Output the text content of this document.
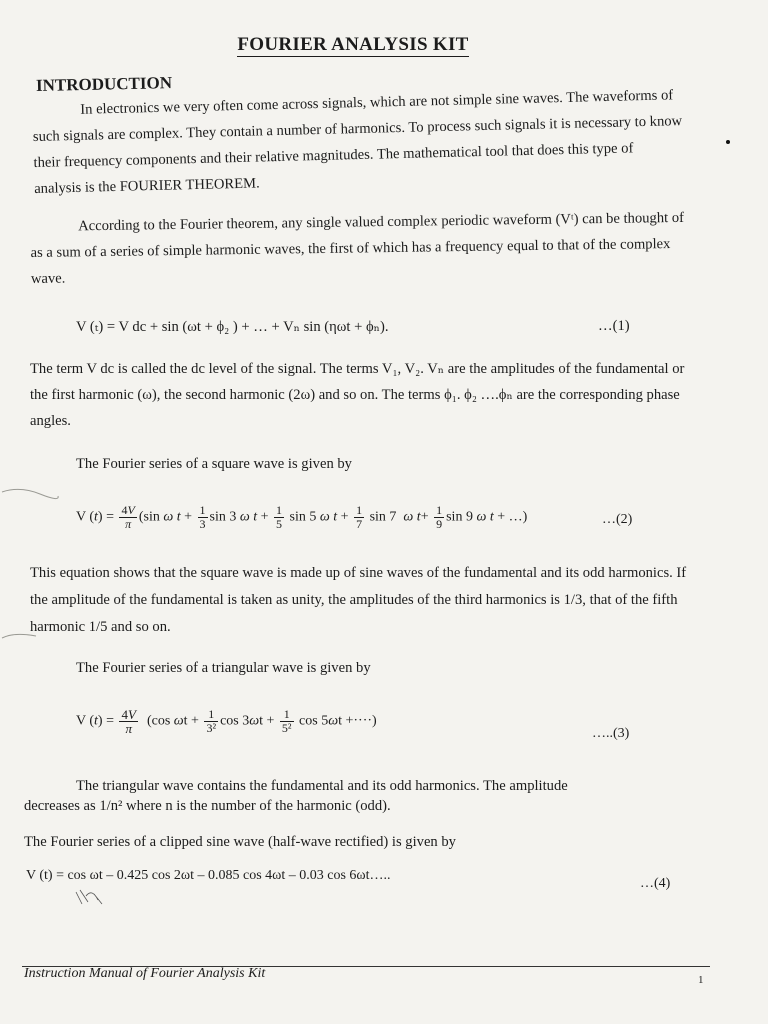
FOURIER ANALYSIS KIT
INTRODUCTION

In electronics we very often come across signals, which are not simple sine waves. The waveforms of such signals are complex. They contain a number of harmonics. To process such signals it is necessary to know their frequency components and their relative magnitudes. The mathematical tool that does this type of analysis is the FOURIER THEOREM.

According to the Fourier theorem, any single valued complex periodic waveform (Vᵗ) can be thought of as a sum of a series of simple harmonic waves, the first of which has a frequency equal to that of the complex wave.

V (ₜ) = V dc + sin (ωt + ϕ₂ ) + … + Vₙ sin (ηωt + ϕₙ).	…(1)

The term V dc is called the dc level of the signal. The terms V₁, V₂. Vₙ are the amplitudes of the fundamental or the first harmonic (ω), the second harmonic (2ω) and so on. The terms ϕ₁. ϕ₂ ….ϕₙ are the corresponding phase angles.

The Fourier series of a square wave is given by
V $(t) = \frac{4V}{\pi} (\sin$ ω $t + \frac{1}{3}$ sin 3 ω $t + \frac{1}{5}$ sin 5 ω $t + \frac{1}{7}$ sin 7  ω $t+ \frac{1}{9}$ sin 9 ω t + …)	…(2)

This equation shows that the square wave is made up of sine waves of the fundamental and its odd harmonics. If the amplitude of the fundamental is taken as unity, the amplitudes of the third harmonics is 1/3, that of the fifth harmonic 1/5 and so on.

The Fourier series of a triangular wave is given by
V $(t) = \frac{4V}{\pi} (\cos$ $\omega t + \frac{1}{\text{3²}}$ $\cos 3\omega t + \frac{1}{\text{5²}}$ cos 5ωt +····)
…..(3)
The triangular wave contains the fundamental and its odd harmonics. The amplitude
decreases as 1/n² where n is the number of the harmonic (odd).
The Fourier series of a clipped sine wave (half-wave rectified) is given by
V (t) = cos ωt – 0.425 cos 2ωt – 0.085 cos 4ωt – 0.03 cos 6ωt…..
…(4)
Instruction Manual of Fourier Analysis Kit	1
